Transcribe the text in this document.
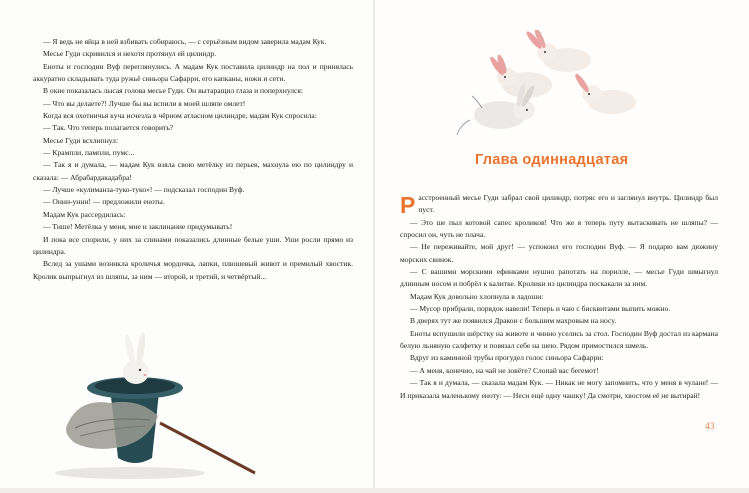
— Я ведь не яйца в ней взбивать собираюсь, — с серьёзным видом заверила мадам Кук.

Месье Гуди скривился и нехотя протянул ей цилиндр.

Еноты и господин Вуф переглянулись. А мадам Кук поставила цилиндр на пол и принялась аккуратно складывать туда ружьё синьора Сафарри, его капканы, ножи и сети.

В окне показалась лысая голова месье Гуди. Он вытаращил глаза и поперхнулся:

— Что вы делаете?! Лучше бы вы вспили в моей шляпе омлет!

Когда вся охотничья куча исчезла в чёрном атласном цилиндре, мадам Кук спросила:

— Так. Что теперь полагается говорить?

Месье Гуди всхлипнул:

— Крампли, пампли, пумс...

— Так я и думала, — мадам Кук взяла свою метёлку из перьев, махнула ею по цилиндру и сказала: — Абрабардакадабра!

— Лучше «кулиманза-туко-туко»! — подсказал господин Вуф.

— Онни-унни! — предложили еноты.

Мадам Кук рассердилась:

— Тише! Метёлка у меня, мне и заклинание придумывать!

И пока все спорили, у них за спинами показались длинные белые уши. Уши росли прямо из цилиндра.

Вслед за ушами возникла кроличья мордочка, лапки, плюшевый живот и премилый хвостик. Кролик выпрыгнул из шляпы, за ним — второй, и третий, и четвёртый...

Глава одиннадцатая

Расстроенный месье Гуди забрал свой цилиндр, потряс его и заглянул внутрь. Цилиндр был пуст.

— Это ше пыл котовой сапес кроликов! Что же я теперь путу вытаскивать не шляпы? — спросил он, чуть не плача.

— Не переживайте, мой друг! — успокоил его господин Вуф. — Я подарю вам дюжину морских свинок.

— С вашими морскими ефинками нушно рапотать на порилле, — месье Гуди шмыгнул длинным носом и побрёл к калитке. Кролики из цилиндра поскакали за ним.

Мадам Кук довольно хлопнула в ладоши:

— Мусор прибрали, порядок навели! Теперь и чаю с бисквитами выпить можно.

В дверях тут же появился Дракон с большим махровым на носу.

Еноты вспушили шёрстку на животе и чинно уселись за стол. Господин Вуф достал из кармана белую льняную салфетку и повязал себе на шею. Рядом примостился шмель.

Вдруг из каминной трубы прогудел голос синьора Сафарри:

— А меня, конечно, на чай не зовёте? Слопай вас бегемот!

— Так я и думала, — сказала мадам Кук. — Никак не могу запомнить, что у меня в чулане! — И приказала маленькому еноту: — Неси ещё одну чашку! Да смотри, хвостом её не вытирай!

43
